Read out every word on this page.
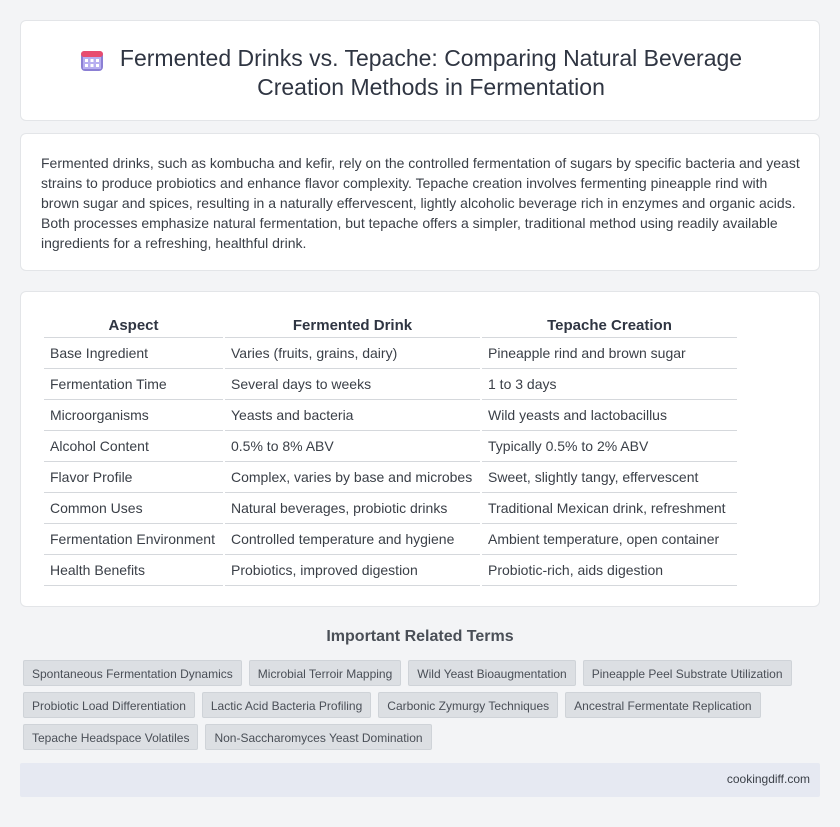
Fermented Drinks vs. Tepache: Comparing Natural Beverage Creation Methods in Fermentation

Fermented drinks, such as kombucha and kefir, rely on the controlled fermentation of sugars by specific bacteria and yeast strains to produce probiotics and enhance flavor complexity. Tepache creation involves fermenting pineapple rind with brown sugar and spices, resulting in a naturally effervescent, lightly alcoholic beverage rich in enzymes and organic acids. Both processes emphasize natural fermentation, but tepache offers a simpler, traditional method using readily available ingredients for a refreshing, healthful drink.

Aspect	Fermented Drink	Tepache Creation
Base Ingredient	Varies (fruits, grains, dairy)	Pineapple rind and brown sugar
Fermentation Time	Several days to weeks	1 to 3 days
Microorganisms	Yeasts and bacteria	Wild yeasts and lactobacillus
Alcohol Content	0.5% to 8% ABV	Typically 0.5% to 2% ABV
Flavor Profile	Complex, varies by base and microbes	Sweet, slightly tangy, effervescent
Common Uses	Natural beverages, probiotic drinks	Traditional Mexican drink, refreshment
Fermentation Environment	Controlled temperature and hygiene	Ambient temperature, open container
Health Benefits	Probiotics, improved digestion	Probiotic-rich, aids digestion
Important Related Terms
Spontaneous Fermentation Dynamics	Microbial Terroir Mapping	Wild Yeast Bioaugmentation	Pineapple Peel Substrate Utilization
Probiotic Load Differentiation	Lactic Acid Bacteria Profiling	Carbonic Zymurgy Techniques	Ancestral Fermentate Replication
Tepache Headspace Volatiles	Non-Saccharomyces Yeast Domination
cookingdiff.com
